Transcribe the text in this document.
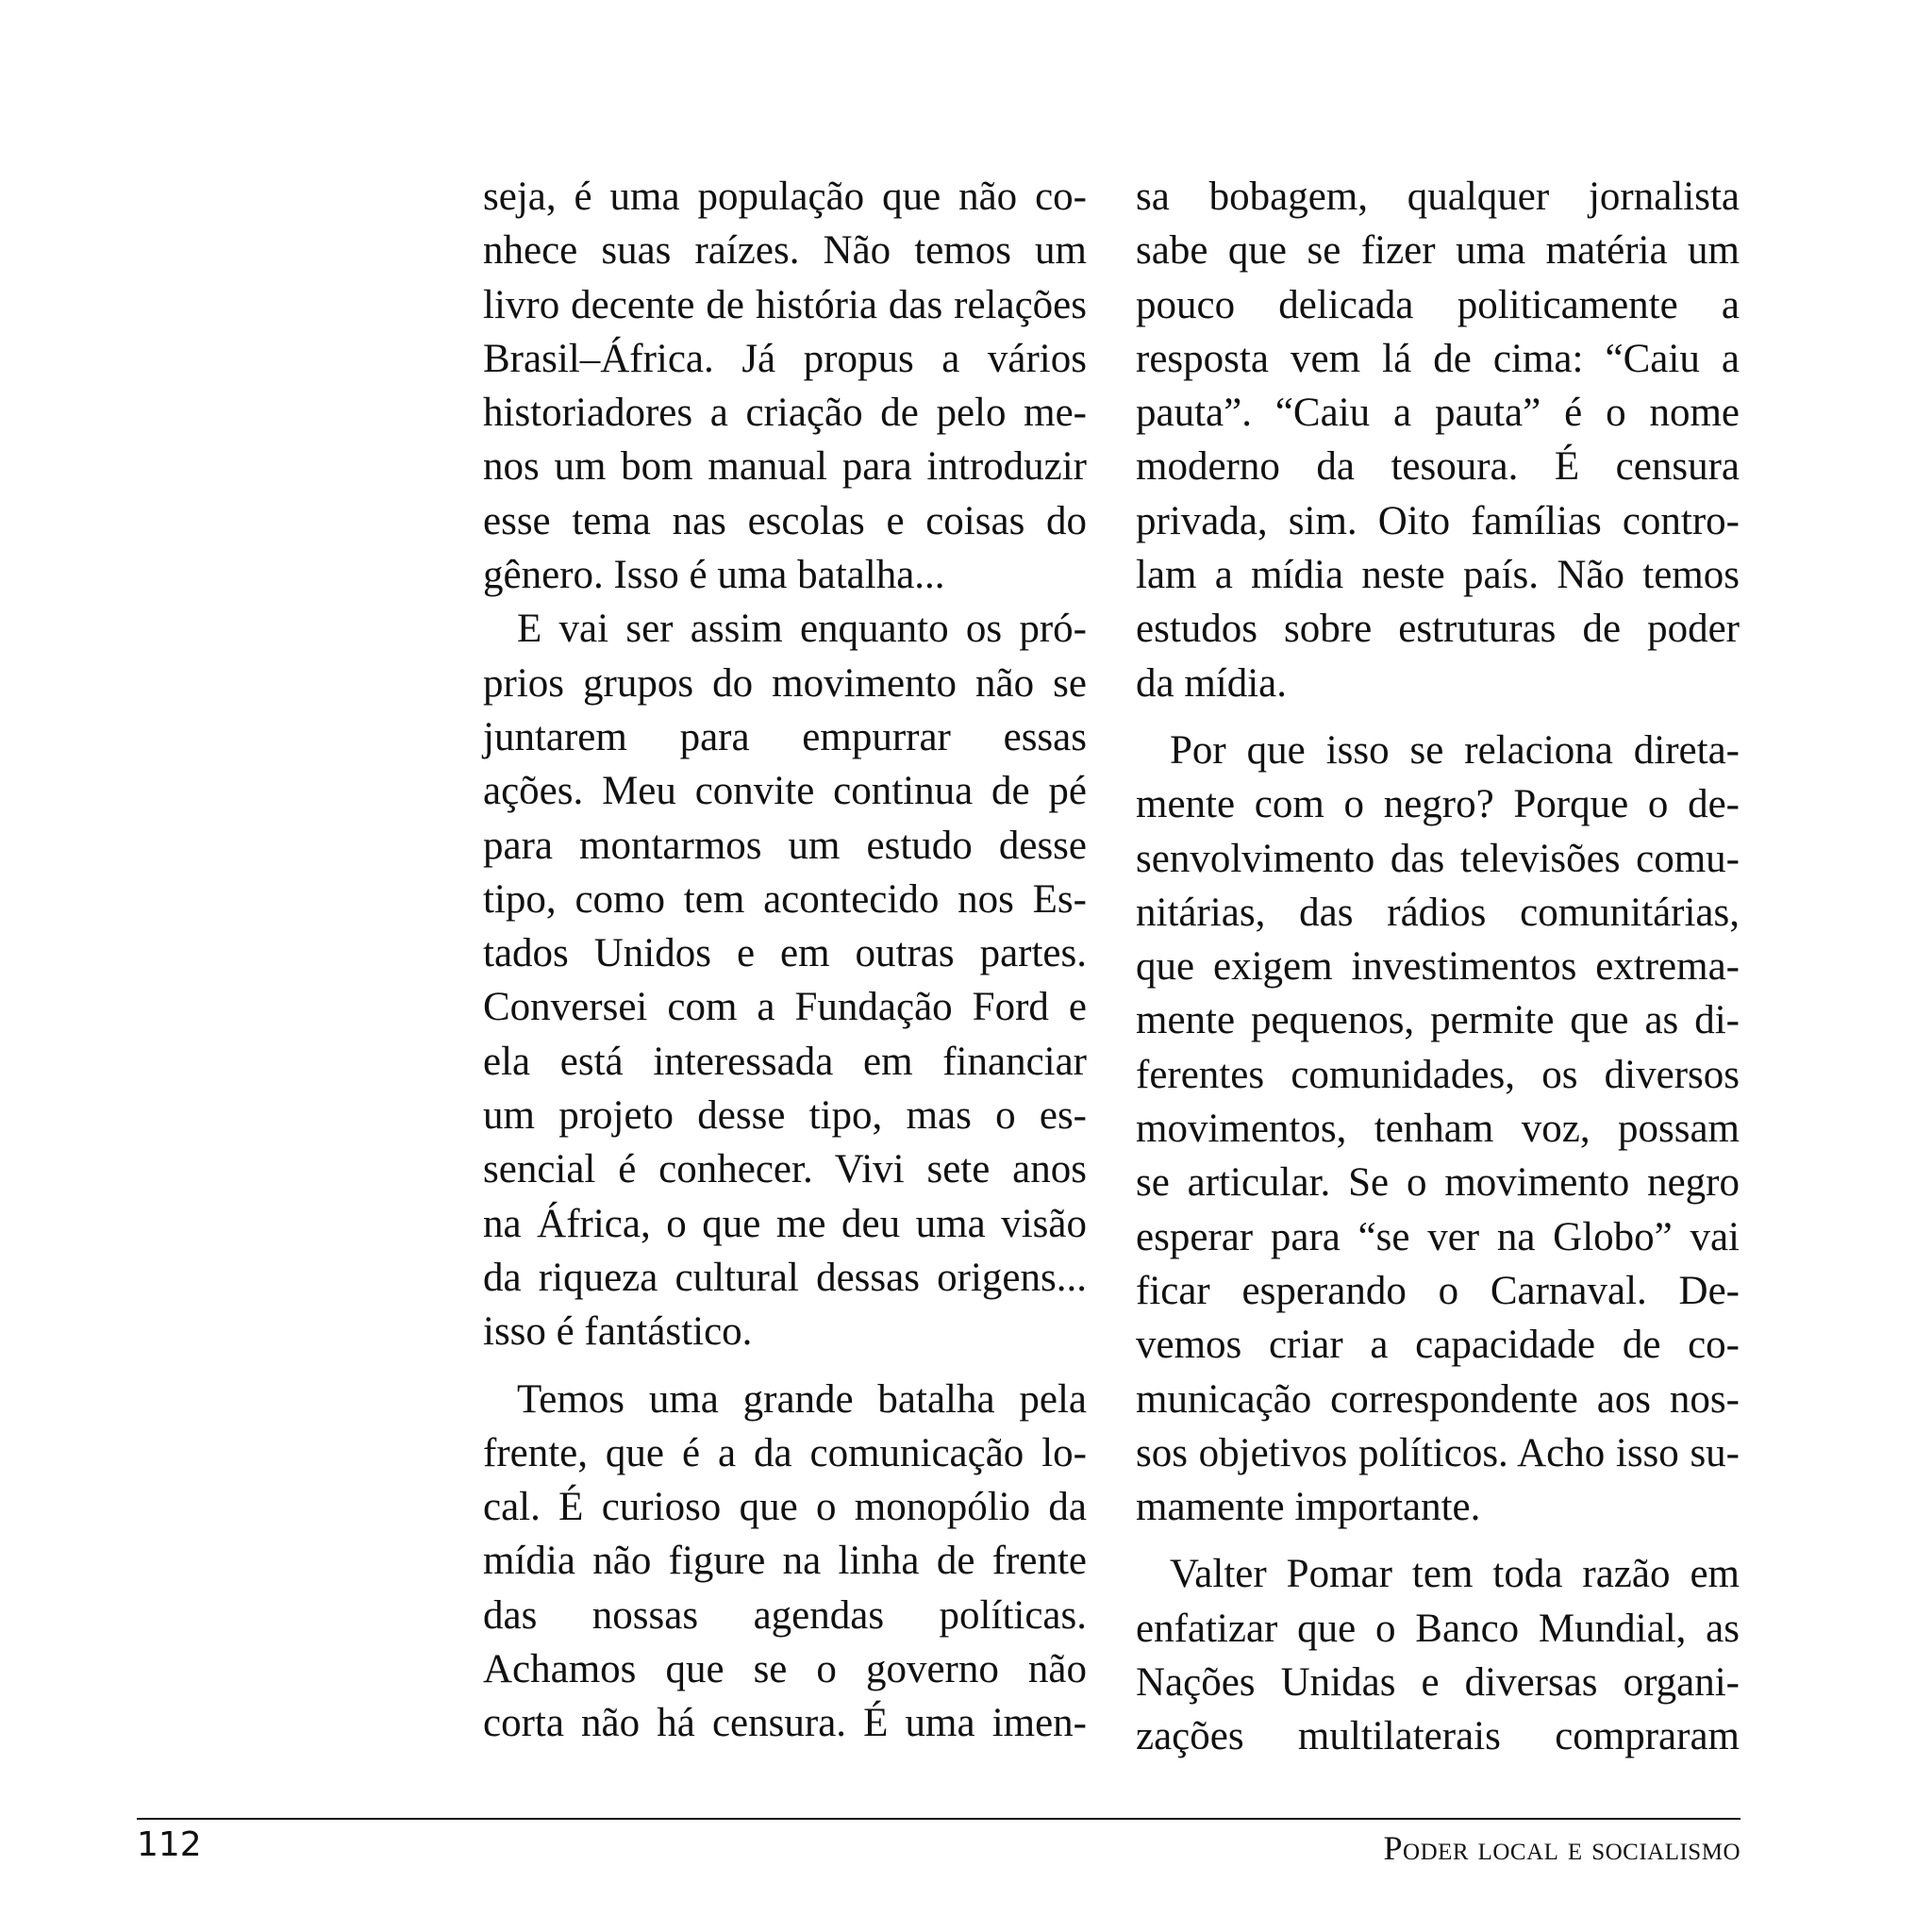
seja, é uma população que não co-
nhece suas raízes. Não temos um
livro decente de história das relações
Brasil–África. Já propus a vários
historiadores a criação de pelo me-
nos um bom manual para introduzir
esse tema nas escolas e coisas do
gênero. Isso é uma batalha...
E vai ser assim enquanto os pró-
prios grupos do movimento não se
juntarem para empurrar essas
ações. Meu convite continua de pé
para montarmos um estudo desse
tipo, como tem acontecido nos Es-
tados Unidos e em outras partes.
Conversei com a Fundação Ford e
ela está interessada em financiar
um projeto desse tipo, mas o es-
sencial é conhecer. Vivi sete anos
na África, o que me deu uma visão
da riqueza cultural dessas origens...
isso é fantástico.
Temos uma grande batalha pela
frente, que é a da comunicação lo-
cal. É curioso que o monopólio da
mídia não figure na linha de frente
das nossas agendas políticas.
Achamos que se o governo não
corta não há censura. É uma imen-
sa bobagem, qualquer jornalista
sabe que se fizer uma matéria um
pouco delicada politicamente a
resposta vem lá de cima: “Caiu a
pauta”. “Caiu a pauta” é o nome
moderno da tesoura. É censura
privada, sim. Oito famílias contro-
lam a mídia neste país. Não temos
estudos sobre estruturas de poder
da mídia.
Por que isso se relaciona direta-
mente com o negro? Porque o de-
senvolvimento das televisões comu-
nitárias, das rádios comunitárias,
que exigem investimentos extrema-
mente pequenos, permite que as di-
ferentes comunidades, os diversos
movimentos, tenham voz, possam
se articular. Se o movimento negro
esperar para “se ver na Globo” vai
ficar esperando o Carnaval. De-
vemos criar a capacidade de co-
municação correspondente aos nos-
sos objetivos políticos. Acho isso su-
mamente importante.
Valter Pomar tem toda razão em
enfatizar que o Banco Mundial, as
Nações Unidas e diversas organi-
zações multilaterais compraram
112	Poder local e socialismo
